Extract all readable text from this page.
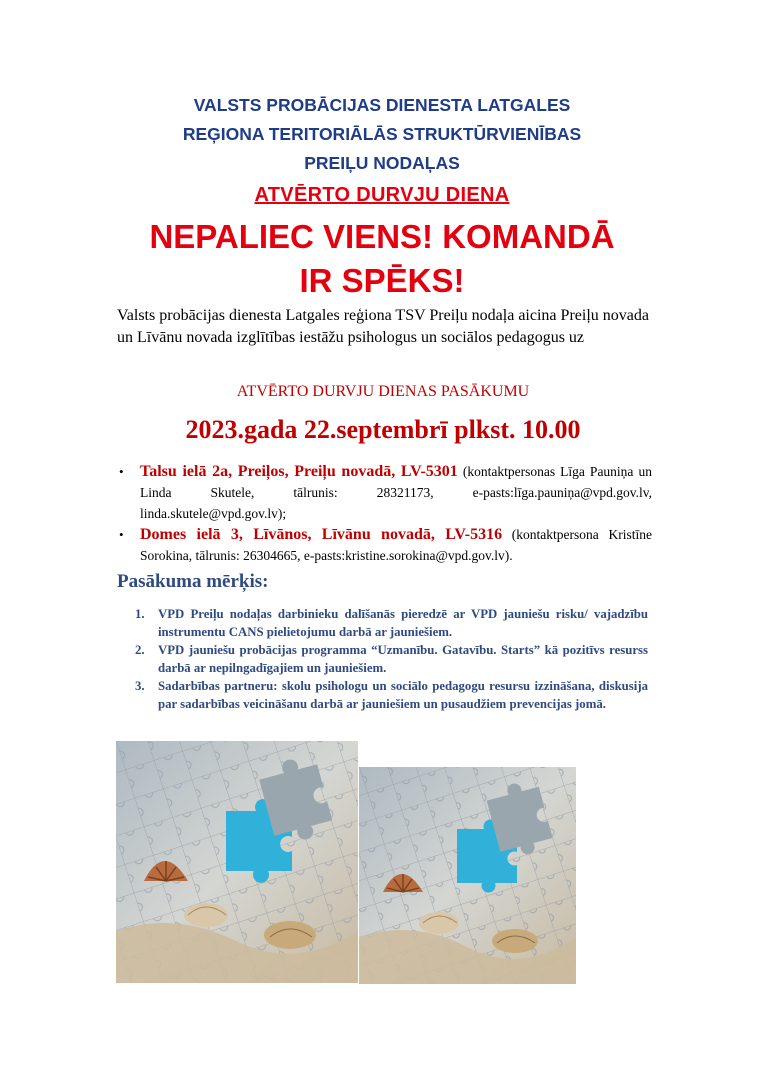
VALSTS PROBĀCIJAS DIENESTA LATGALES
REĢIONA TERITORIĀLĀS STRUKTŪRVIENĪBAS
PREIĻU NODAĻAS
ATVĒRTO DURVJU DIENA
NEPALIEC VIENS! KOMANDĀ
IR SPĒKS!
Valsts probācijas dienesta Latgales reģiona TSV Preiļu nodaļa aicina Preiļu novada un Līvānu novada izglītības iestāžu psihologus un sociālos pedagogus uz
ATVĒRTO DURVJU DIENAS PASĀKUMU
2023.gada 22.septembrī plkst. 10.00
• Talsu ielā 2a, Preiļos, Preiļu novadā, LV-5301 (kontaktpersonas Līga Pauniņa un Linda Skutele, tālrunis: 28321173, e-pasts:līga.pauniņa@vpd.gov.lv, linda.skutele@vpd.gov.lv);
• Domes ielā 3, Līvānos, Līvānu novadā, LV-5316 (kontaktpersona Kristīne Sorokina, tālrunis: 26304665, e-pasts:kristine.sorokina@vpd.gov.lv).
Pasākuma mērķis:
1. VPD Preiļu nodaļas darbinieku dalīšanās pieredzē ar VPD jauniešu risku/ vajadzību instrumentu CANS pielietojumu darbā ar jauniešiem.
2. VPD jauniešu probācijas programma “Uzmanību. Gatavību. Starts” kā pozitīvs resurss darbā ar nepilngadīgajiem un jauniešiem.
3. Sadarbības partneru: skolu psihologu un sociālo pedagogu resursu izzināšana, diskusija par sadarbības veicināšanu darbā ar jauniešiem un pusaudžiem prevencijas jomā.
